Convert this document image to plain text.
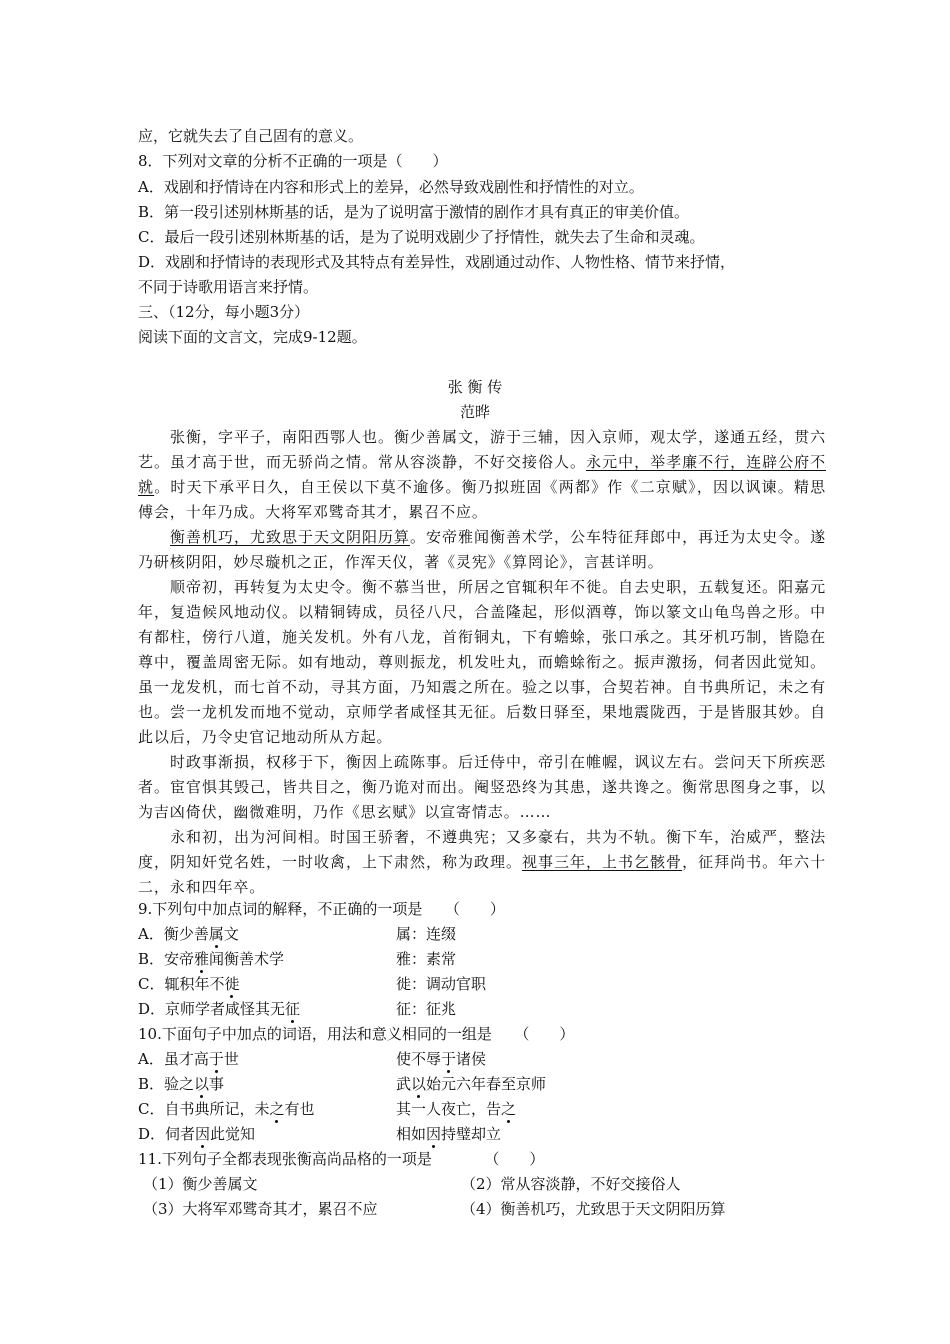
应，它就失去了自己固有的意义。
8．下列对文章的分析不正确的一项是（　　）
A．戏剧和抒情诗在内容和形式上的差异，必然导致戏剧性和抒情性的对立。
B．第一段引述别林斯基的话，是为了说明富于激情的剧作才具有真正的审美价值。
C．最后一段引述别林斯基的话，是为了说明戏剧少了抒情性，就失去了生命和灵魂。
D．戏剧和抒情诗的表现形式及其特点有差异性，戏剧通过动作、人物性格、情节来抒情，
不同于诗歌用语言来抒情。
三、（12分，每小题3分）
阅读下面的文言文，完成9-12题。
张 衡 传
范晔

张衡，字平子，南阳西鄂人也。衡少善属文，游于三辅，因入京师，观太学，遂通五经，贯六艺。虽才高于世，而无骄尚之情。常从容淡静，不好交接俗人。永元中，举孝廉不行，连辟公府不就。时天下承平日久，自王侯以下莫不逾侈。衡乃拟班固《两都》作《二京赋》，因以讽谏。精思傅会，十年乃成。大将军邓骘奇其才，累召不应。

衡善机巧，尤致思于天文阴阳历算。安帝雅闻衡善术学，公车特征拜郎中，再迁为太史令。遂乃研核阴阳，妙尽璇机之正，作浑天仪，著《灵宪》《算罔论》，言甚详明。

顺帝初，再转复为太史令。衡不慕当世，所居之官辄积年不徙。自去史职，五载复还。阳嘉元年，复造候风地动仪。以精铜铸成，员径八尺，合盖隆起，形似酒尊，饰以篆文山龟鸟兽之形。中有都柱，傍行八道，施关发机。外有八龙，首衔铜丸，下有蟾蜍，张口承之。其牙机巧制，皆隐在尊中，覆盖周密无际。如有地动，尊则振龙，机发吐丸，而蟾蜍衔之。振声激扬，伺者因此觉知。虽一龙发机，而七首不动，寻其方面，乃知震之所在。验之以事，合契若神。自书典所记，未之有也。尝一龙机发而地不觉动，京师学者咸怪其无征。后数日驿至，果地震陇西，于是皆服其妙。自此以后，乃令史官记地动所从方起。

时政事渐损，权移于下，衡因上疏陈事。后迁侍中，帝引在帷幄，讽议左右。尝问天下所疾恶者。宦官惧其毁己，皆共目之，衡乃诡对而出。阉竖恐终为其患，遂共谗之。衡常思图身之事，以为吉凶倚伏，幽微难明，乃作《思玄赋》以宣寄情志。……

永和初，出为河间相。时国王骄奢，不遵典宪；又多豪右，共为不轨。衡下车，治威严，整法度，阴知奸党名姓，一时收禽，上下肃然，称为政理。视事三年，上书乞骸骨，征拜尚书。年六十二，永和四年卒。

9.下列句中加点词的解释，不正确的一项是　　（　　）
A．衡少善属文	属：连缀
B．安帝雅闻衡善术学	雅：素常
C．辄积年不徙	徙：调动官职
D．京师学者咸怪其无征	征：征兆
10.下面句子中加点的词语，用法和意义相同的一组是　　（　　）
A．虽才高于世	使不辱于诸侯
B．验之以事	武以始元六年春至京师
C．自书典所记，未之有也	其一人夜亡，告之
D．伺者因此觉知	相如因持璧却立
11.下列句子全都表现张衡高尚品格的一项是　　　　（　　）
（1）衡少善属文	（2）常从容淡静，不好交接俗人
（3）大将军邓骘奇其才，累召不应	（4）衡善机巧，尤致思于天文阴阳历算
